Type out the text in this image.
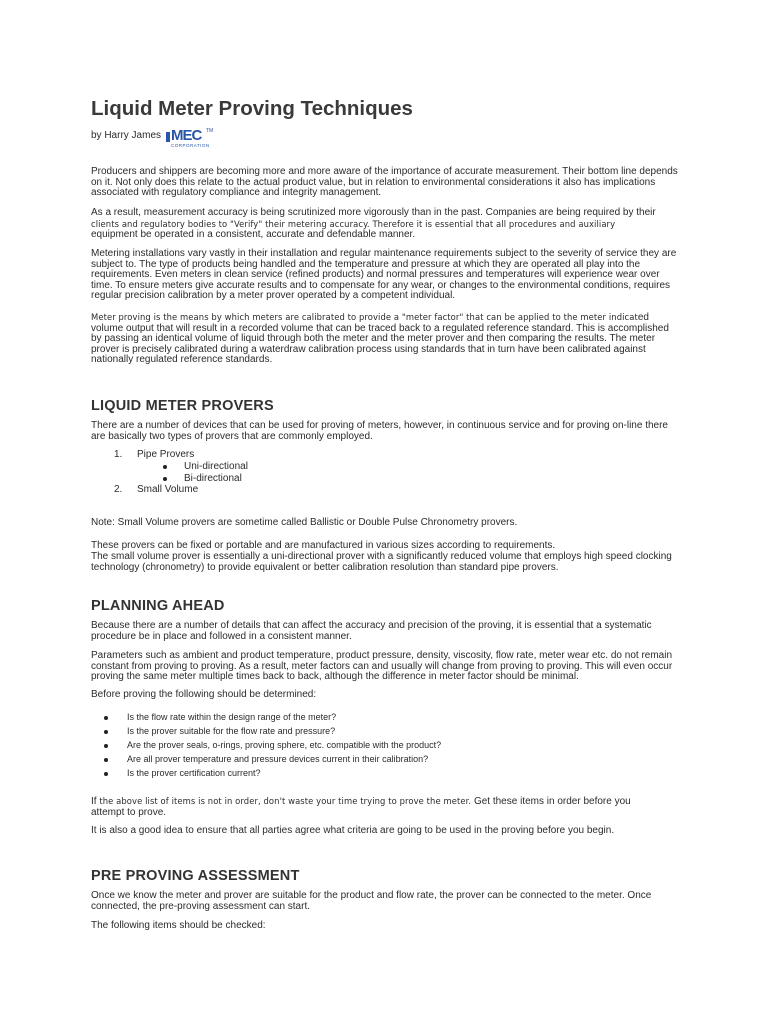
Liquid Meter Proving Techniques
by Harry James MEC TM
CORPORATION

Producers and shippers are becoming more and more aware of the importance of accurate measurement. Their bottom line depends on it. Not only does this relate to the actual product value, but in relation to environmental considerations it also has implications associated with regulatory compliance and integrity management.

As a result, measurement accuracy is being scrutinized more vigorously than in the past. Companies are being required by their
clients and regulatory bodies to "Verify" their metering accuracy. Therefore it is essential that all procedures and auxiliary
equipment be operated in a consistent, accurate and defendable manner.

Metering installations vary vastly in their installation and regular maintenance requirements subject to the severity of service they are subject to. The type of products being handled and the temperature and pressure at which they are operated all play into the requirements. Even meters in clean service (refined products) and normal pressures and temperatures will experience wear over time. To ensure meters give accurate results and to compensate for any wear, or changes to the environmental conditions, requires regular precision calibration by a meter prover operated by a competent individual.

Meter proving is the means by which meters are calibrated to provide a "meter factor" that can be applied to the meter indicated volume output that will result in a recorded volume that can be traced back to a regulated reference standard. This is accomplished by passing an identical volume of liquid through both the meter and the meter prover and then comparing the results. The meter prover is precisely calibrated during a waterdraw calibration process using standards that in turn have been calibrated against nationally regulated reference standards.

LIQUID METER PROVERS

There are a number of devices that can be used for proving of meters, however, in continuous service and for proving on-line there are basically two types of provers that are commonly employed.

1. Pipe Provers
Uni-directional
Bi-directional
2. Small Volume

Note: Small Volume provers are sometime called Ballistic or Double Pulse Chronometry provers.

These provers can be fixed or portable and are manufactured in various sizes according to requirements.

The small volume prover is essentially a uni-directional prover with a significantly reduced volume that employs high speed clocking technology (chronometry) to provide equivalent or better calibration resolution than standard pipe provers.

PLANNING AHEAD

Because there are a number of details that can affect the accuracy and precision of the proving, it is essential that a systematic procedure be in place and followed in a consistent manner.

Parameters such as ambient and product temperature, product pressure, density, viscosity, flow rate, meter wear etc. do not remain constant from proving to proving. As a result, meter factors can and usually will change from proving to proving. This will even occur proving the same meter multiple times back to back, although the difference in meter factor should be minimal.

Before proving the following should be determined:

Is the flow rate within the design range of the meter?
Is the prover suitable for the flow rate and pressure?
Are the prover seals, o-rings, proving sphere, etc. compatible with the product?
Are all prover temperature and pressure devices current in their calibration?
Is the prover certification current?

If the above list of items is not in order, don't waste your time trying to prove the meter. Get these items in order before you
attempt to prove.

It is also a good idea to ensure that all parties agree what criteria are going to be used in the proving before you begin.

PRE PROVING ASSESSMENT

Once we know the meter and prover are suitable for the product and flow rate, the prover can be connected to the meter. Once connected, the pre-proving assessment can start.

The following items should be checked:
